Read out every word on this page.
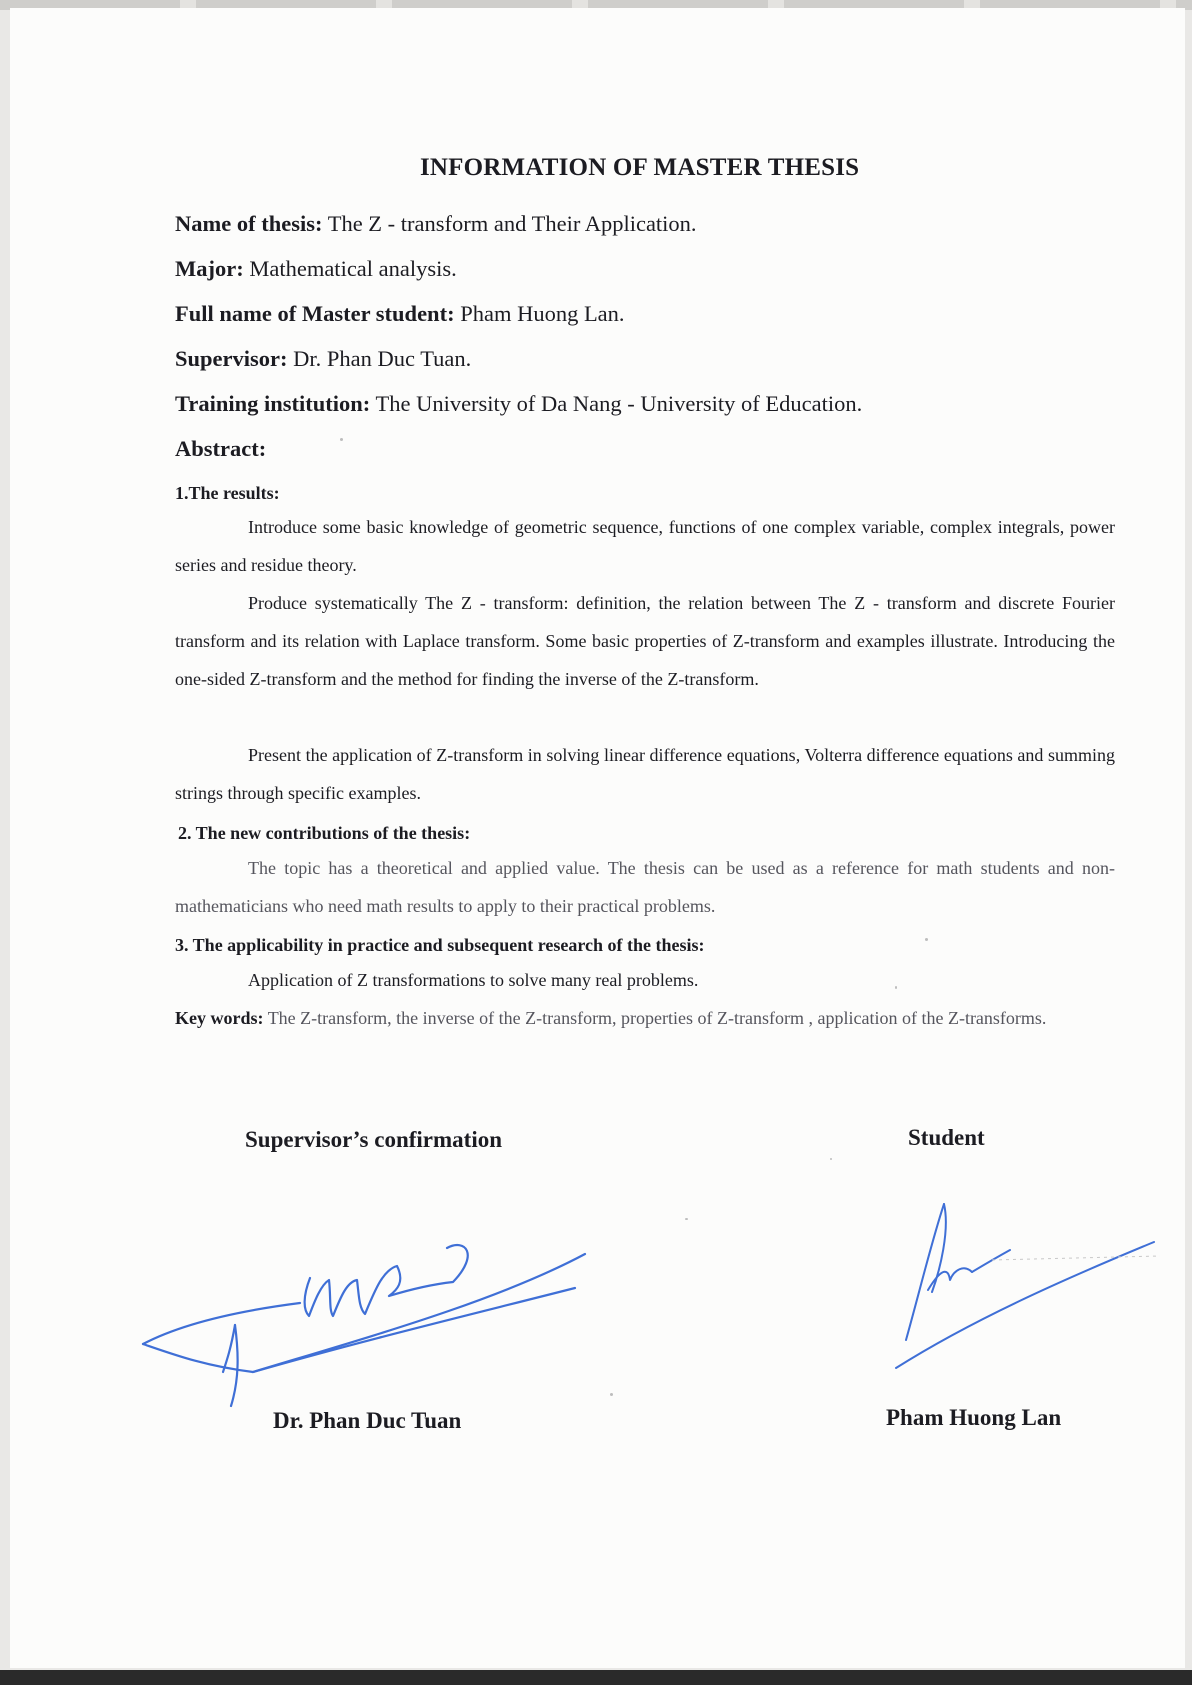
INFORMATION OF MASTER THESIS
Name of thesis: The Z - transform and Their Application.
Major: Mathematical analysis.
Full name of Master student: Pham Huong Lan.
Supervisor: Dr. Phan Duc Tuan.
Training institution: The University of Da Nang - University of Education.
Abstract:
1.The results:
Introduce some basic knowledge of geometric sequence, functions of one complex variable, complex integrals, power series and residue theory.
Produce systematically The Z - transform: definition, the relation between The Z - transform and discrete Fourier transform and its relation with Laplace transform. Some basic properties of Z-transform and examples illustrate. Introducing the one-sided Z-transform and the method for finding the inverse of the Z-transform.
Present the application of Z-transform in solving linear difference equations, Volterra difference equations and summing strings through specific examples.
2. The new contributions of the thesis:
The topic has a theoretical and applied value. The thesis can be used as a reference for math students and non-mathematicians who need math results to apply to their practical problems.
3. The applicability in practice and subsequent research of the thesis:
Application of Z transformations to solve many real problems.
Key words: The Z-transform, the inverse of the Z-transform, properties of Z-transform , application of the Z-transforms.
Supervisor’s confirmation	Student
Dr. Phan Duc Tuan	Pham Huong Lan
